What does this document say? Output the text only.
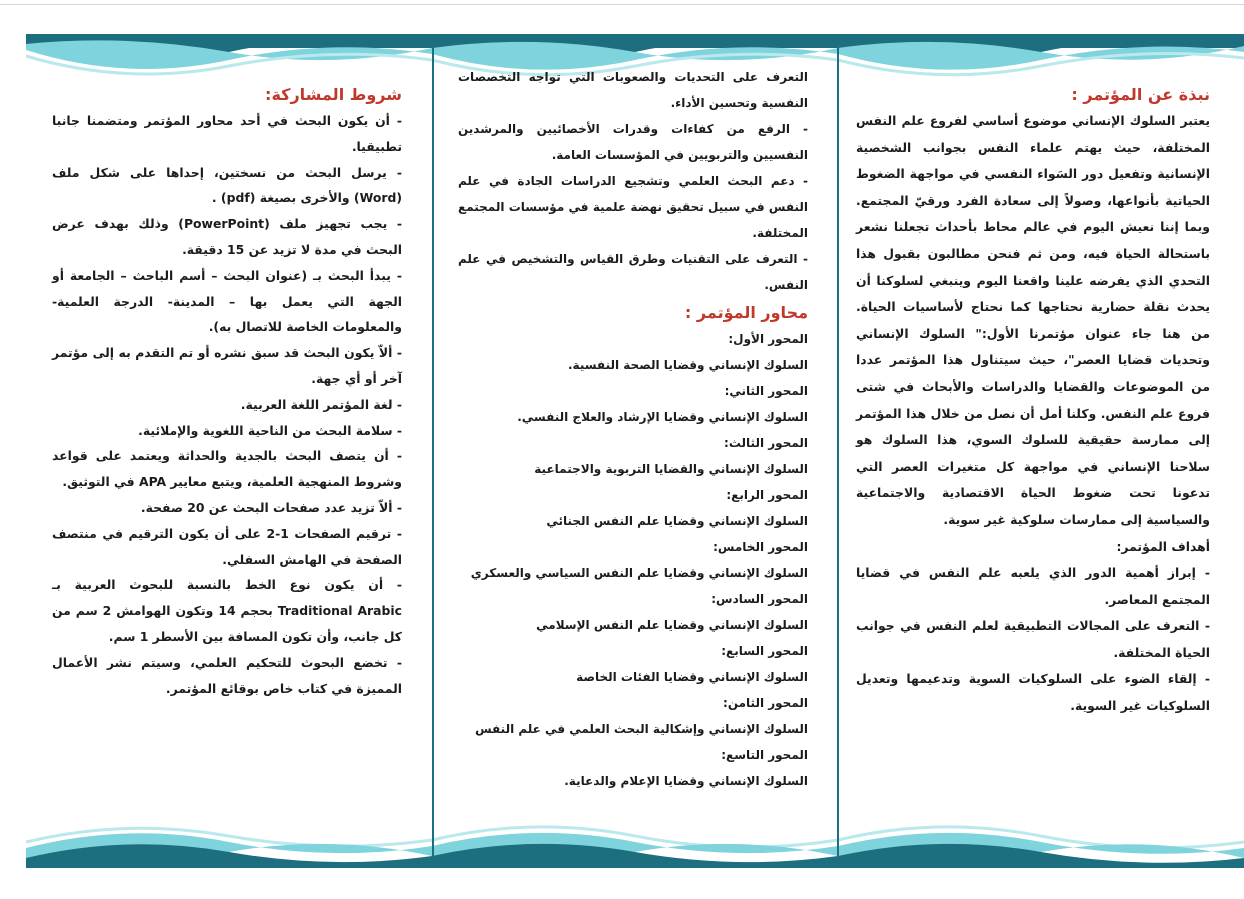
نبذة عن المؤتمر :

يعتبر السلوك الإنساني موضوع أساسي لفروع علم النفس المختلفة، حيث يهتم علماء النفس بجوانب الشخصية الإنسانية وتفعيل دور السَواء النفسي في مواجهة الضغوط الحياتية بأنواعها، وصولاً إلى سعادة الفرد ورقيّ المجتمع. وبما إننا نعيش اليوم في عالم محاط بأحداث تجعلنا نشعر باستحالة الحياة فيه، ومن ثم فنحن مطالبون بقبول هذا التحدي الذي يفرضه علينا واقعنا اليوم وينبغي لسلوكنا أن يحدث نقلة حضارية نحتاجها كما نحتاج لأساسيات الحياة. من هنا جاء عنوان مؤتمرنا الأول:" السلوك الإنساني وتحديات قضايا العصر"، حيث سيتناول هذا المؤتمر عددا من الموضوعات والقضايا والدراسات والأبحاث في شتى فروع علم النفس. وكلنا أمل أن نصل من خلال هذا المؤتمر إلى ممارسة حقيقية للسلوك السوي، هذا السلوك هو سلاحنا الإنساني في مواجهة كل متغيرات العصر التي تدعونا تحت ضغوط الحياة الاقتصادية والاجتماعية والسياسية إلى ممارسات سلوكية غير سوية.

أهداف المؤتمر:

- إبراز أهمية الدور الذي يلعبه علم النفس في قضايا المجتمع المعاصر.

- التعرف على المجالات التطبيقية لعلم النفس في جوانب الحياة المختلفة.

- إلقاء الضوء على السلوكيات السوية وتدعيمها وتعديل السلوكيات غير السوية.

التعرف على التحديات والصعوبات التي تواجه التخصصات النفسية وتحسين الأداء.

- الرفع من كفاءات وقدرات الأخصائيين والمرشدين النفسيين والتربويين في المؤسسات العامة.

- دعم البحث العلمي وتشجيع الدراسات الجادة في علم النفس في سبيل تحقيق نهضة علمية في مؤسسات المجتمع المختلفة.

- التعرف على التقنيات وطرق القياس والتشخيص في علم النفس.

محاور المؤتمر :

المحور الأول:

السلوك الإنساني وقضايا الصحة النفسية.

المحور الثاني:

السلوك الإنساني وقضايا الإرشاد والعلاج النفسي.

المحور الثالث:

السلوك الإنساني والقضايا التربوية والاجتماعية

المحور الرابع:

السلوك الإنساني وقضايا علم النفس الجنائي

المحور الخامس:

السلوك الإنساني وقضايا علم النفس السياسي والعسكري

المحور السادس:

السلوك الإنساني وقضايا علم النفس الإسلامي

المحور السابع:

السلوك الإنساني وقضايا الفئات الخاصة

المحور الثامن:

السلوك الإنساني وإشكالية البحث العلمي في علم النفس

المحور التاسع:

السلوك الإنساني وقضايا الإعلام والدعاية.

شروط المشاركة:

- أن يكون البحث في أحد محاور المؤتمر ومتضمنا جانبا تطبيقيا.

- يرسل البحث من نسختين، إحداها على شكل ملف (Word) والأخرى بصيغة (pdf) .

- يجب تجهيز ملف (PowerPoint) وذلك بهدف عرض البحث في مدة لا تزيد عن 15 دقيقة.

- يبدأ البحث بـ (عنوان البحث – أسم الباحث – الجامعة أو الجهة التي يعمل بها – المدينة- الدرجة العلمية- والمعلومات الخاصة للاتصال به).

- ألاّ يكون البحث قد سبق نشره أو تم التقدم به إلى مؤتمر آخر أو أي جهة.

- لغة المؤتمر اللغة العربية.

- سلامة البحث من الناحية اللغوية والإملائية.

- أن يتصف البحث بالجدية والحداثة ويعتمد على قواعد وشروط المنهجية العلمية، ويتبع معايير APA في التوثيق.

- ألاّ تزيد عدد صفحات البحث عن 20 صفحة.

- ترقيم الصفحات 1-2 على أن يكون الترقيم في منتصف الصفحة في الهامش السفلي.

- أن يكون نوع الخط بالنسبة للبحوث العربية بـ Traditional Arabic بحجم 14 وتكون الهوامش 2 سم من كل جانب، وأن تكون المسافة بين الأسطر 1 سم.

- تخضع البحوث للتحكيم العلمي، وسيتم نشر الأعمال المميزة في كتاب خاص بوقائع المؤتمر.
